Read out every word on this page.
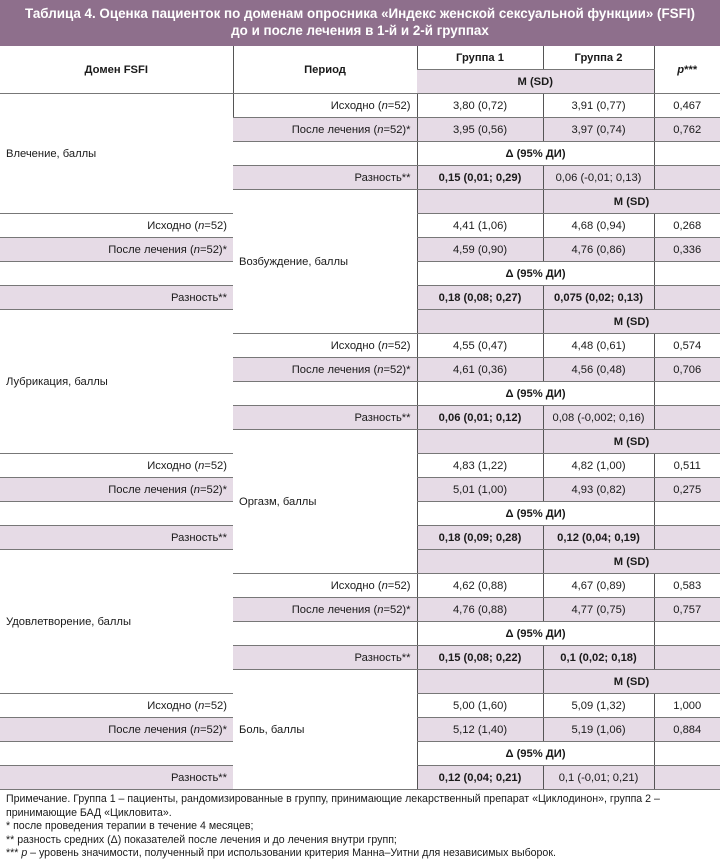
Таблица 4. Оценка пациенток по доменам опросника «Индекс женской сексуальной функции» (FSFI)
до и после лечения в 1-й и 2-й группах
Домен FSFI	Период	Группа 1	Группа 2	p***	
		M (SD)			
Влечение, баллы	Исходно (n=52)	3,80 (0,72)	3,91 (0,77)	0,467	
	После лечения (n=52)*	3,95 (0,56)	3,97 (0,74)	0,762	
		Δ (95% ДИ)			
	Разность**	0,15 (0,01; 0,29)	0,06 (-0,01; 0,13)		
	Возбуждение, баллы		M (SD)		
Исходно (n=52)		4,41 (1,06)	4,68 (0,94)	0,268	
После лечения (n=52)*		4,59 (0,90)	4,76 (0,86)	0,336	
		Δ (95% ДИ)			
Разность**		0,18 (0,08; 0,27)	0,075 (0,02; 0,13)		
Лубрикация, баллы			M (SD)		
	Исходно (n=52)	4,55 (0,47)	4,48 (0,61)	0,574	
	После лечения (n=52)*	4,61 (0,36)	4,56 (0,48)	0,706	
		Δ (95% ДИ)			
	Разность**	0,06 (0,01; 0,12)	0,08 (-0,002; 0,16)		
	Оргазм, баллы		M (SD)		
Исходно (n=52)		4,83 (1,22)	4,82 (1,00)	0,511	
После лечения (n=52)*		5,01 (1,00)	4,93 (0,82)	0,275	
		Δ (95% ДИ)			
Разность**		0,18 (0,09; 0,28)	0,12 (0,04; 0,19)		
Удовлетворение, баллы			M (SD)		
	Исходно (n=52)	4,62 (0,88)	4,67 (0,89)	0,583	
	После лечения (n=52)*	4,76 (0,88)	4,77 (0,75)	0,757	
		Δ (95% ДИ)			
	Разность**	0,15 (0,08; 0,22)	0,1 (0,02; 0,18)		
	Боль, баллы		M (SD)		
Исходно (n=52)		5,00 (1,60)	5,09 (1,32)	1,000	
После лечения (n=52)*		5,12 (1,40)	5,19 (1,06)	0,884	
		Δ (95% ДИ)			
Разность**		0,12 (0,04; 0,21)	0,1 (-0,01; 0,21)		
Примечание. Группа 1 – пациенты, рандомизированные в группу, принимающие лекарственный препарат «Циклодинон», группа 2 –
принимающие БАД «Цикловита».
* после проведения терапии в течение 4 месяцев;
** разность средних (Δ) показателей после лечения и до лечения внутри групп;
*** p – уровень значимости, полученный при использовании критерия Манна–Уитни для независимых выборок.
